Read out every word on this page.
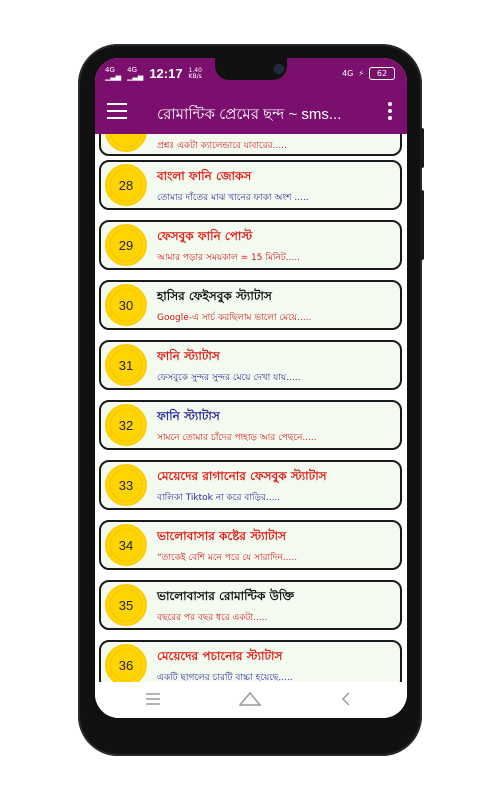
4G
▁▃▅
4G
▁▃▅ 12:17 1.40
KB/s	4G ⚡	62
রোমান্টিক প্রেমের ছন্দ ~ sms...
প্রশ্নঃ একটা ক্যালেন্ডারে যাবারের.....
28
বাংলা ফানি জোকস
তোমার দাঁতের মাঝ খানের ফাকা অংশ .....
29
ফেসবুক ফানি পোস্ট
আমার পড়ার সময়কাল = 15 মিনিট.....
30
হাসির ফেইসবুক স্ট্যাটাস
Google-এ সার্চ করছিলাম ভালো মেয়ে.....
31
ফানি স্ট্যাটাস
ফেসবুকে সুন্দর সুন্দর মেয়ে দেখা যায়.....
32
ফানি স্ট্যাটাস
সামনে তোমার চাঁদের পাহাড় আর পেছনে.....
33
মেয়েদের রাগানোর ফেসবুক স্ট্যাটাস
বালিকা Tiktok না করে বাড়ির.....
34
ভালোবাসার কষ্টের স্ট্যাটাস
“তাকেই বেশি মনে পরে যে সারাদিন.....
35
ভালোবাসার রোমান্টিক উক্তি
বছরের পর বছর ধরে একটা.....
36
মেয়েদের পচানোর স্ট্যাটাস
একটি ছাগলের চারটি বাচ্চা হয়েছে.....
